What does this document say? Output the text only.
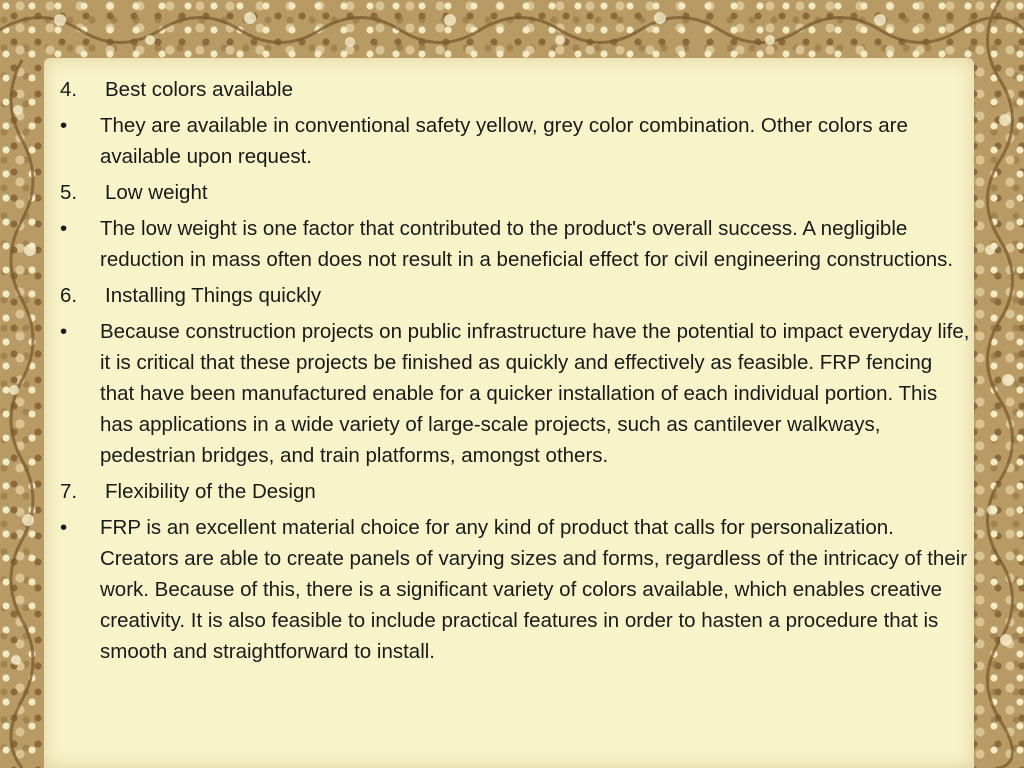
4.	Best colors available
•	They are available in conventional safety yellow, grey color combination. Other colors are available upon request.
5.	Low weight
•	The low weight is one factor that contributed to the product's overall success. A negligible reduction in mass often does not result in a beneficial effect for civil engineering constructions.
6.	Installing Things quickly
•	Because construction projects on public infrastructure have the potential to impact everyday life, it is critical that these projects be finished as quickly and effectively as feasible. FRP fencing that have been manufactured enable for a quicker installation of each individual portion. This has applications in a wide variety of large-scale projects, such as cantilever walkways, pedestrian bridges, and train platforms, amongst others.
7.	Flexibility of the Design
•	FRP is an excellent material choice for any kind of product that calls for personalization. Creators are able to create panels of varying sizes and forms, regardless of the intricacy of their work. Because of this, there is a significant variety of colors available, which enables creative creativity. It is also feasible to include practical features in order to hasten a procedure that is smooth and straightforward to install.
